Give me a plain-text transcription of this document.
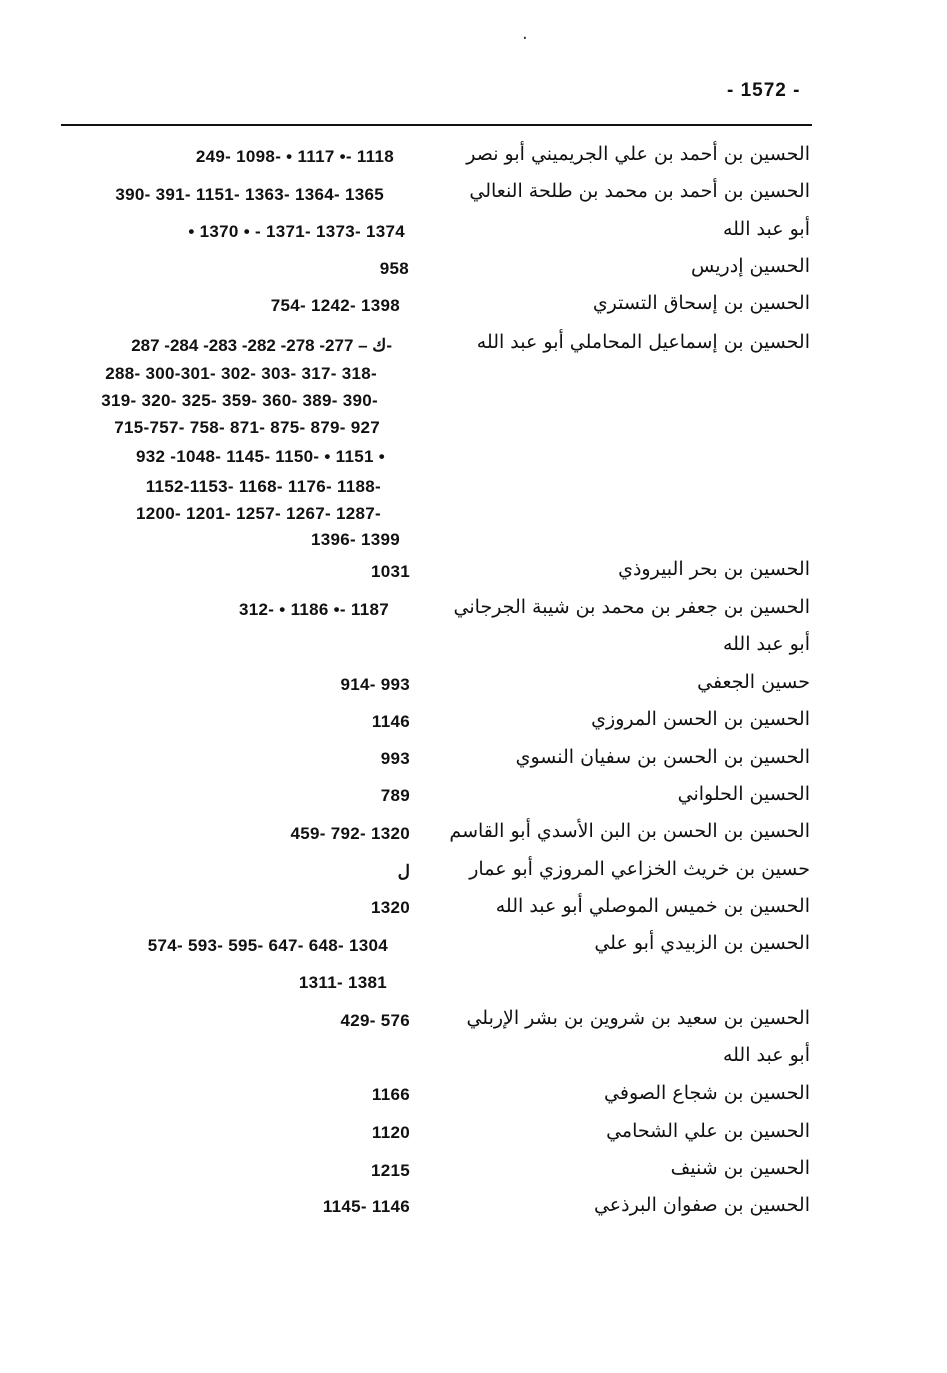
·
- 1572 -
الحسين بن أحمد بن علي الجريميني أبو نصر
249- 1098- • 1117 •- 1118
الحسين بن أحمد بن محمد بن طلحة النعالي
390- 391- 1151- 1363- 1364- 1365
أبو عبد الله
• 1370 • - 1371- 1373- 1374
الحسين إدريس
958
الحسين بن إسحاق التستري
754- 1242- 1398
الحسين بن إسماعيل المحاملي أبو عبد الله
ك – 277- 278- 282- 283- 284- 287-
288- 300-301- 302- 303- 317- 318-
319- 320- 325- 359- 360- 389- 390-
715-757- 758- 871- 875- 879- 927
932 -1048- 1145- 1150- • 1151 •
1152-1153- 1168- 1176- 1188-
1200- 1201- 1257- 1267- 1287-
1396- 1399
الحسين بن بحر البيروذي
1031
الحسين بن جعفر بن محمد بن شيبة الجرجاني
312- • 1186 •- 1187
أبو عبد الله
حسين الجعفي
914- 993
الحسين بن الحسن المروزي
1146
الحسين بن الحسن بن سفيان النسوي
993
الحسين الحلواني
789
الحسين بن الحسن بن البن الأسدي أبو القاسم
459- 792- 1320
حسين بن خريث الخزاعي المروزي أبو عمار
ل
الحسين بن خميس الموصلي أبو عبد الله
1320
الحسين بن الزبيدي أبو علي
574- 593- 595- 647- 648- 1304
1311- 1381
الحسين بن سعيد بن شروين بن بشر الإربلي
429- 576
أبو عبد الله
الحسين بن شجاع الصوفي
1166
الحسين بن علي الشحامي
1120
الحسين بن شنيف
1215
الحسين بن صفوان البرذعي
1145- 1146
